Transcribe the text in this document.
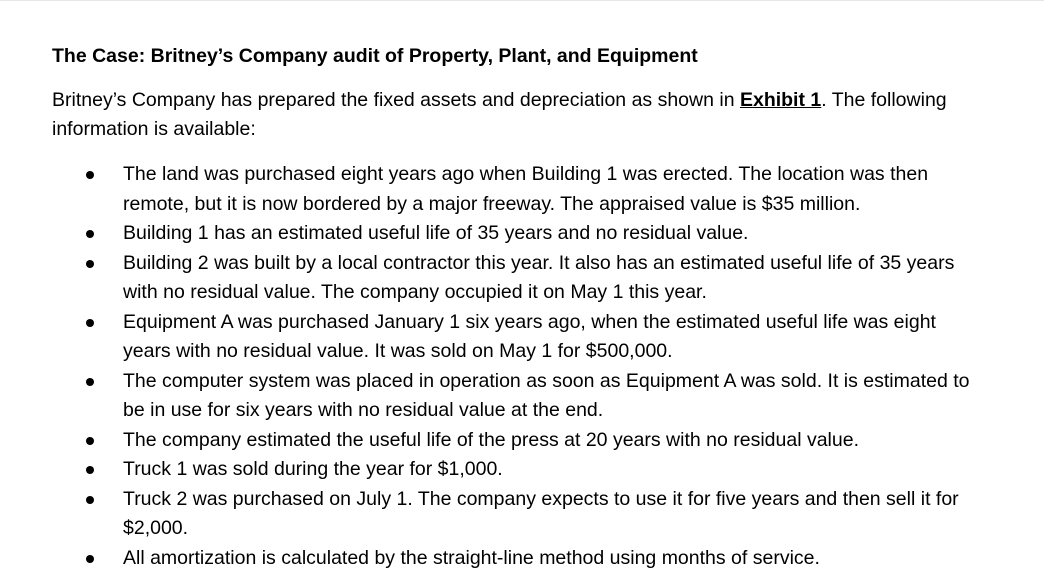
The Case: Britney’s Company audit of Property, Plant, and Equipment

Britney’s Company has prepared the fixed assets and depreciation as shown in Exhibit 1. The following information is available:

The land was purchased eight years ago when Building 1 was erected. The location was then remote, but it is now bordered by a major freeway. The appraised value is $35 million.
Building 1 has an estimated useful life of 35 years and no residual value.
Building 2 was built by a local contractor this year. It also has an estimated useful life of 35 years with no residual value. The company occupied it on May 1 this year.
Equipment A was purchased January 1 six years ago, when the estimated useful life was eight years with no residual value. It was sold on May 1 for $500,000.
The computer system was placed in operation as soon as Equipment A was sold. It is estimated to be in use for six years with no residual value at the end.
The company estimated the useful life of the press at 20 years with no residual value.
Truck 1 was sold during the year for $1,000.
Truck 2 was purchased on July 1. The company expects to use it for five years and then sell it for $2,000.
All amortization is calculated by the straight-line method using months of service.
